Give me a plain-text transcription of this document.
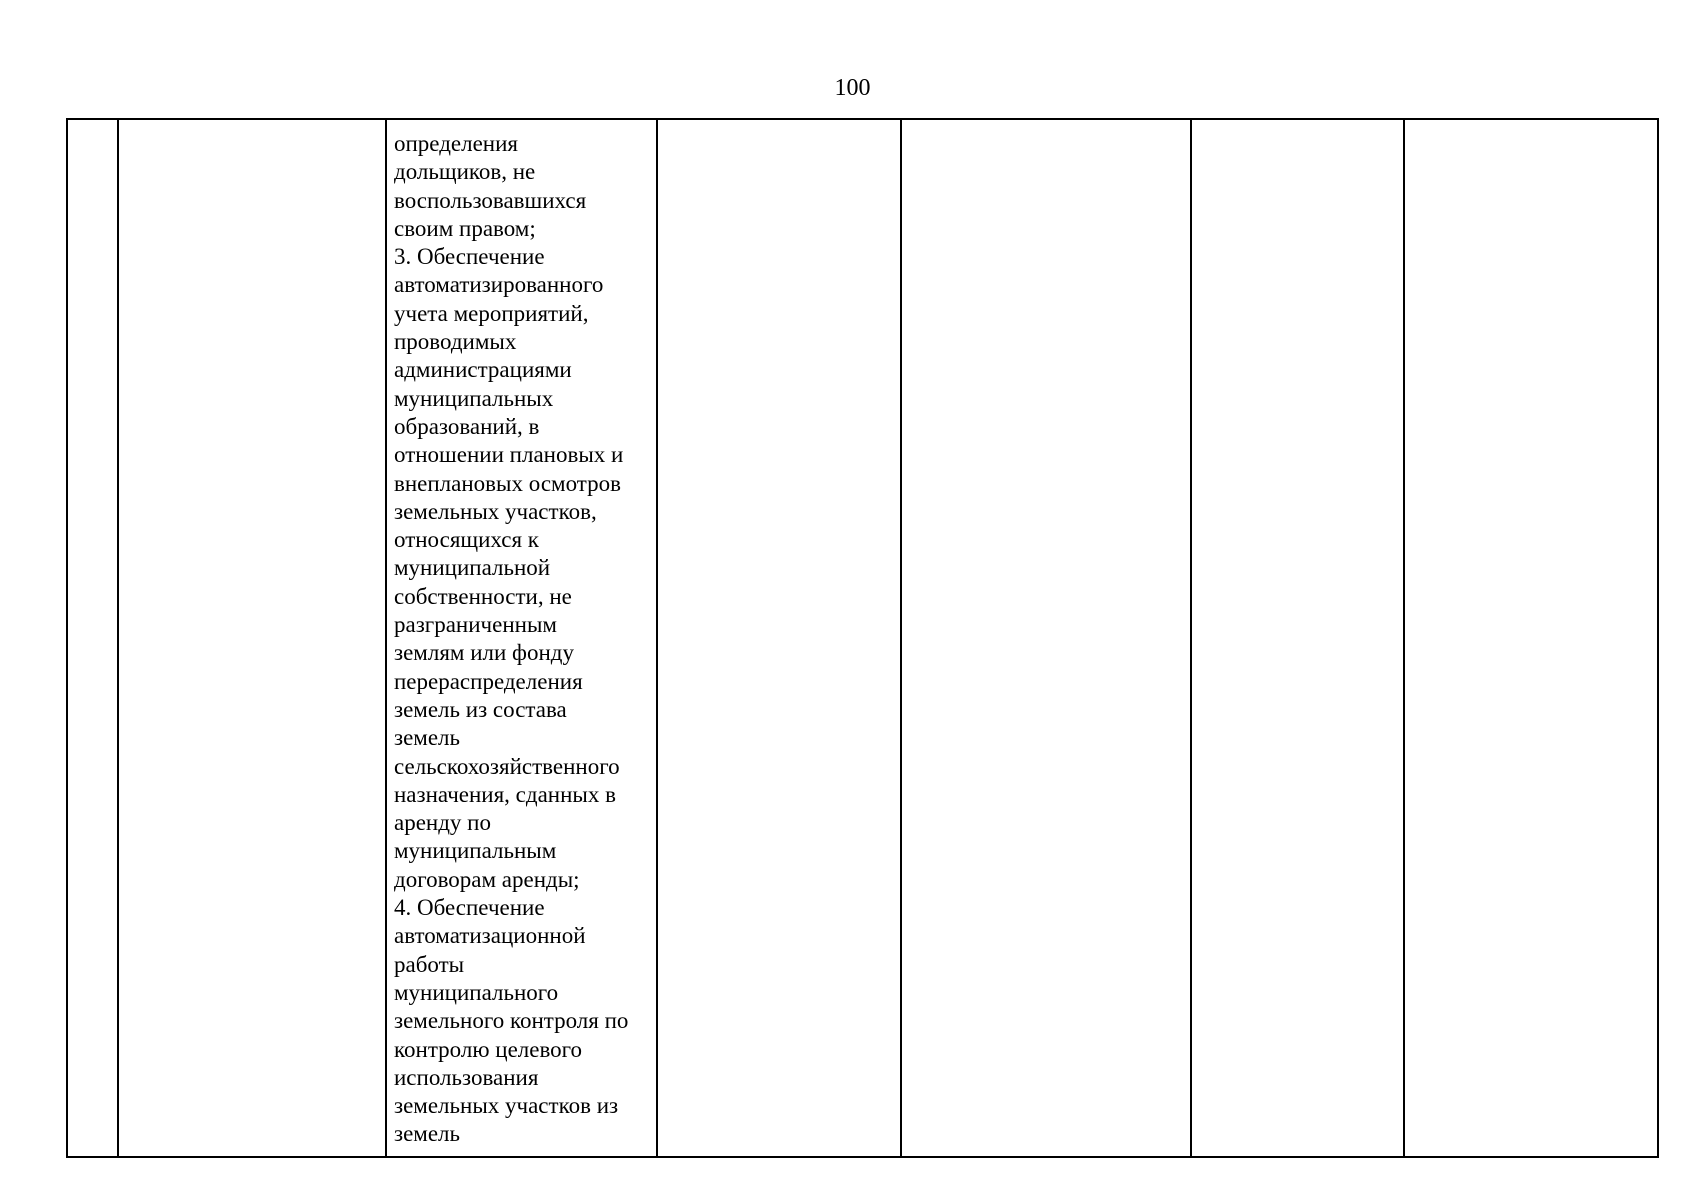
100

определения
дольщиков, не
воспользовавшихся
своим правом;
3. Обеспечение
автоматизированного
учета мероприятий,
проводимых
администрациями
муниципальных
образований, в
отношении плановых и
внеплановых осмотров
земельных участков,
относящихся к
муниципальной
собственности, не
разграниченным
землям или фонду
перераспределения
земель из состава
земель
сельскохозяйственного
назначения, сданных в
аренду по
муниципальным
договорам аренды;
4. Обеспечение
автоматизационной
работы
муниципального
земельного контроля по
контролю целевого
использования
земельных участков из
земель
